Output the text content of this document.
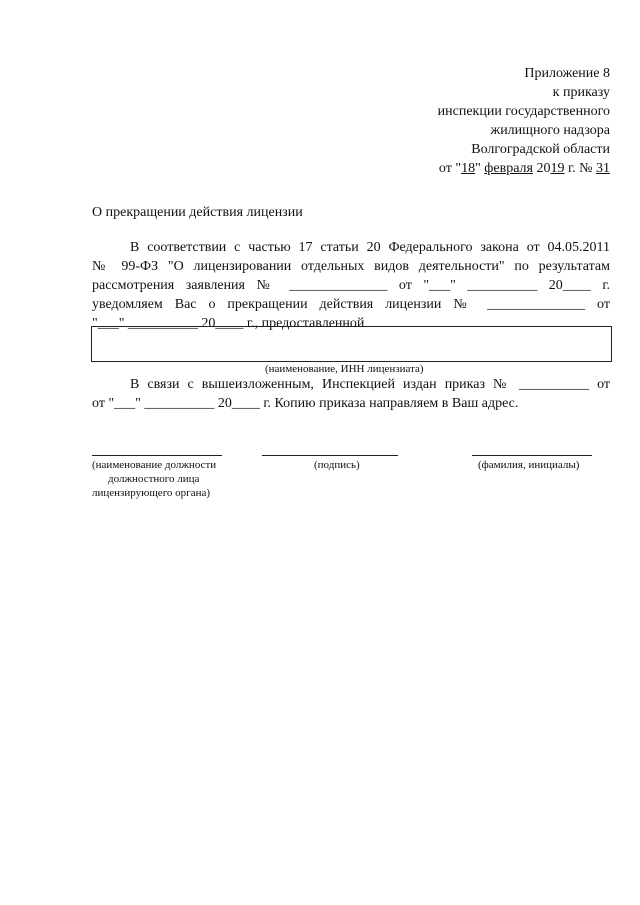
Приложение 8
к приказу
инспекции государственного
жилищного надзора
Волгоградской области
от "18" февраля 2019 г. № 31
О прекращении действия лицензии
В соответствии с частью 17 статьи 20 Федерального закона от 04.05.2011
№ 99-ФЗ "О лицензировании отдельных видов деятельности" по результатам
рассмотрения заявления № ______________ от "___" __________ 20____ г.
уведомляем Вас о прекращении действия лицензии № ______________ от
"___" __________ 20____ г., предоставленной
(наименование, ИНН лицензиата)
В связи с вышеизложенным, Инспекцией издан приказ № __________ от
от "___" __________ 20____ г. Копию приказа направляем в Ваш адрес.
(наименование должности
должностного лица
лицензирующего органа)
(подпись)	(фамилия, инициалы)
